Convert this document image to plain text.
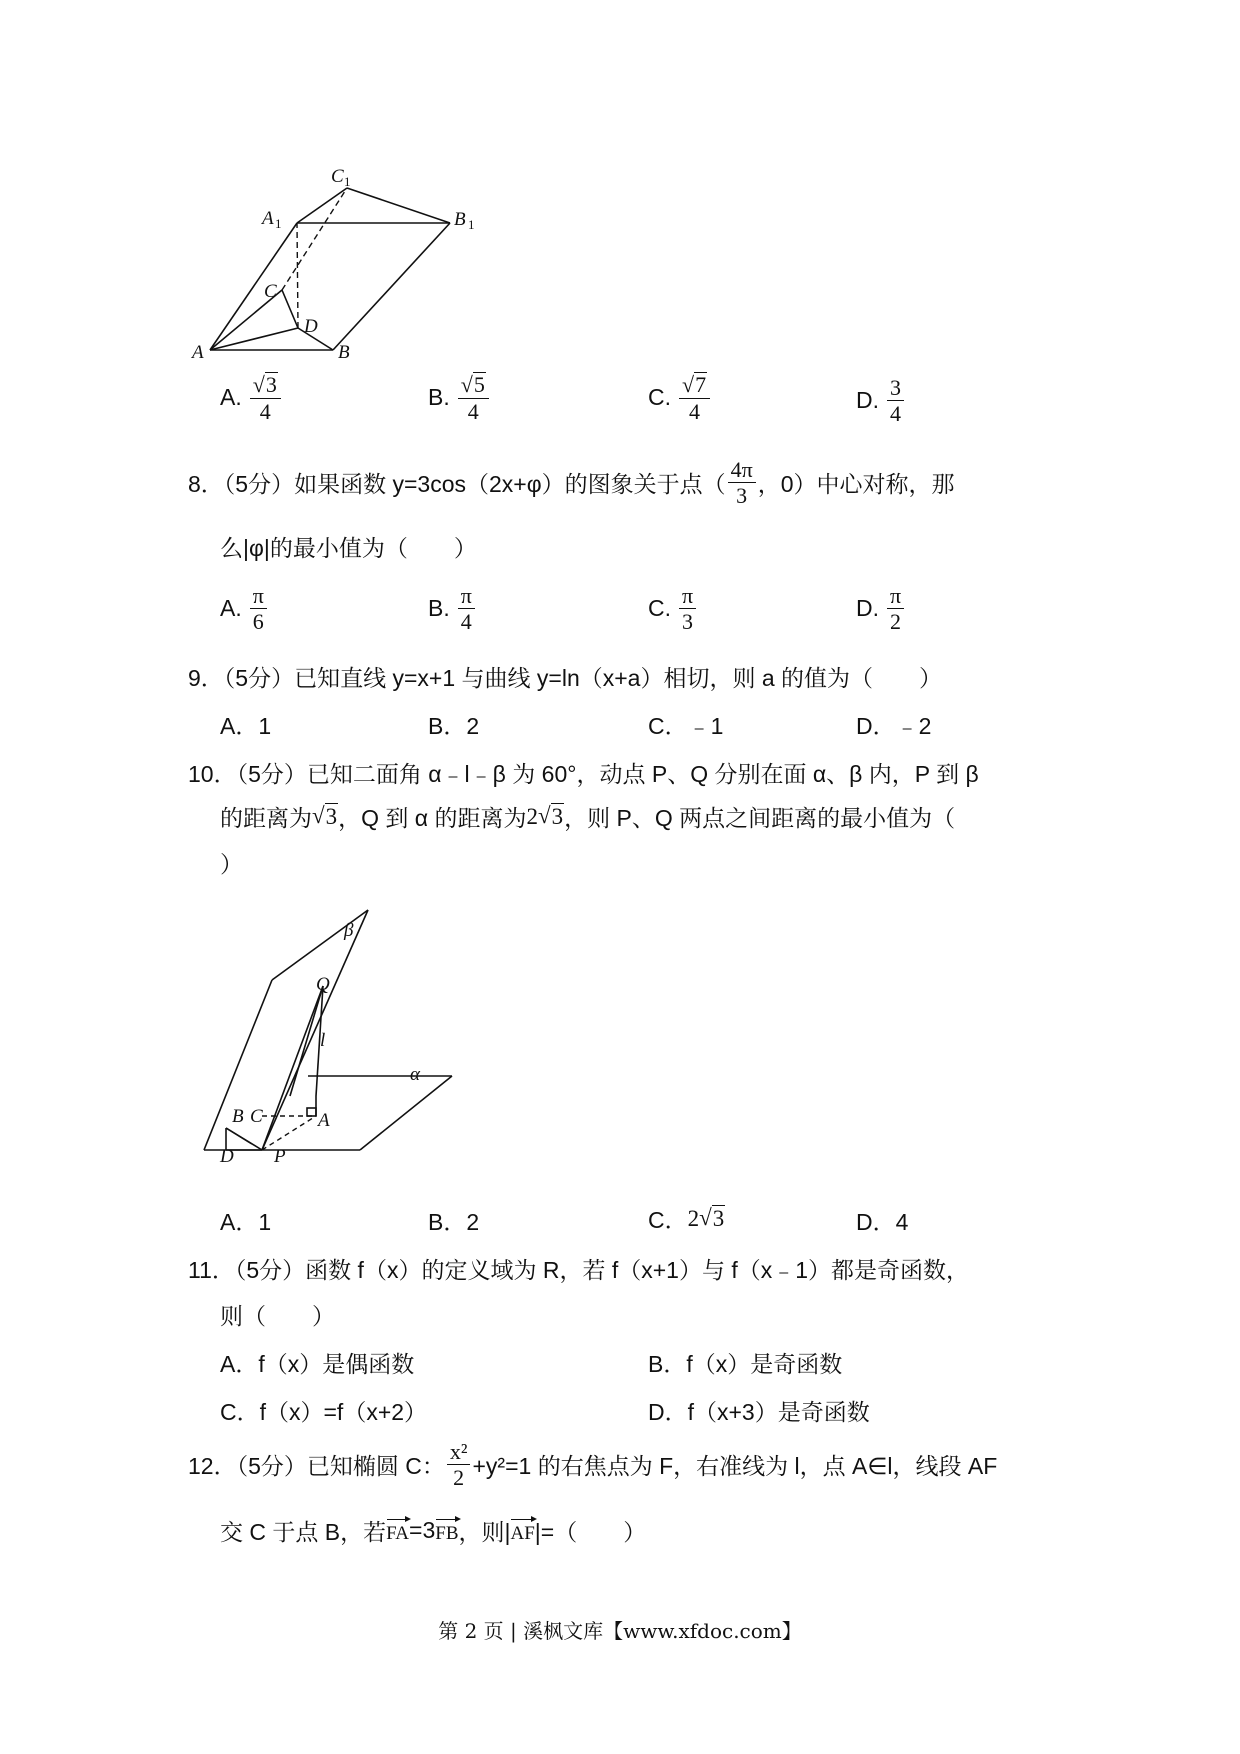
C 1
A 1	B 1
C
D
A	B
A. $\frac{√ 3}{4}$	B. $\frac{√ 5}{4}$	C. $\frac{√ 7}{4}$	D. $\frac{3}{4}$
8．（5分）如果函数 y=3cos（2x+φ）的图象关于点（ $\frac{4\pi}{3}$ ，0）中心对称，那
么|φ|的最小值为（　　）
A. $\frac{\pi}{6}$	B. $\frac{\pi}{4}$	C. $\frac{\pi}{3}$	D. $\frac{\pi}{2}$
9．（5分）已知直线 y=x+1 与曲线 y=ln（x+a）相切，则 a 的值为（　　）
A．1	B．2	C．﹣1	D．﹣2
10．（5分）已知二面角 α﹣l﹣β 为 60°，动点 P、Q 分别在面 α、β 内，P 到 β
的距离为 √ 3 ，Q 到 α 的距离为 2 √ 3 ，则 P、Q 两点之间距离的最小值为（
）
β
Q
l
α
B C	A
D P
A．1	B．2	C． 2 √ 3	D．4
11．（5分）函数 f（x）的定义域为 R，若 f（x+1）与 f（x﹣1）都是奇函数，
则（　　）
A．f（x）是偶函数	B．f（x）是奇函数
C．f（x）=f（x+2）	D．f（x+3）是奇函数
12．（5分）已知椭圆 C： $\frac{\text{x²}}{2} +y^2=1$ 的右焦点为 F，右准线为 l，点 A∈l，线段 AF
交 C 于点 B，若 FA =3 FB ，则| AF |=（　　）
第 2 页 | 溪枫文库【www.xfdoc.com】
